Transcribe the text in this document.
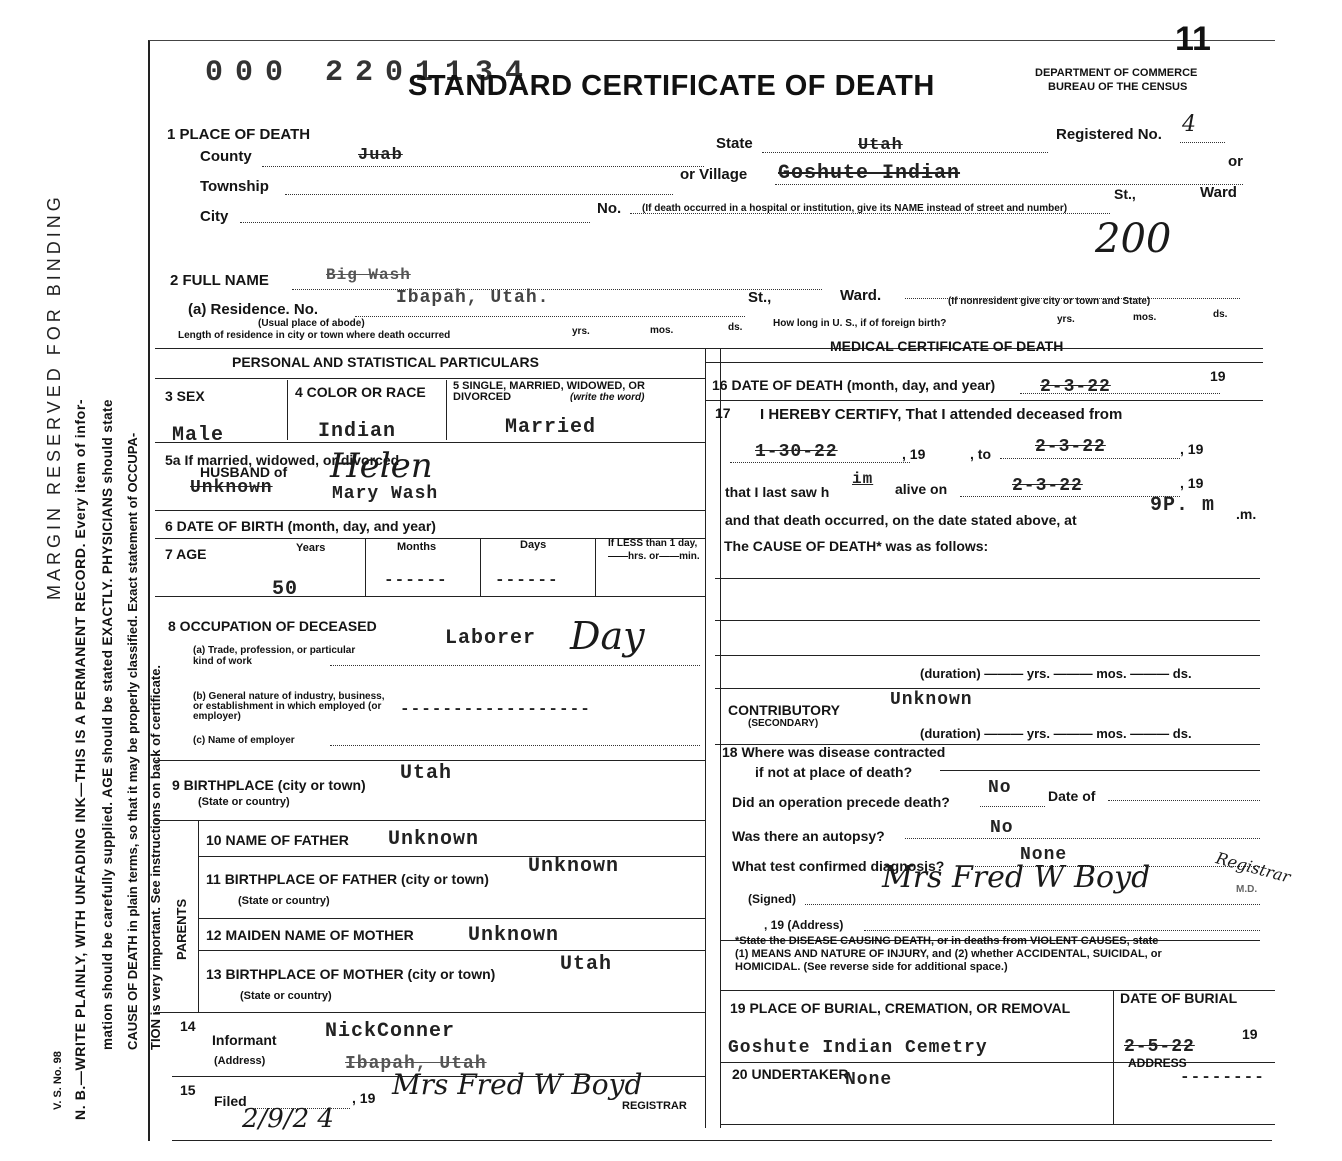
MARGIN RESERVED FOR BINDING
N. B.—WRITE PLAINLY, WITH UNFADING INK—THIS IS A PERMANENT RECORD. Every item of infor- mation should be carefully supplied. AGE should be stated EXACTLY. PHYSICIANS should state CAUSE OF DEATH in plain terms, so that it may be properly classified. Exact statement of OCCUPA- TION is very important. See instructions on back of certificate.
V. S. No. 98
000 2201134
STANDARD CERTIFICATE OF DEATH	DEPARTMENT OF COMMERCE
BUREAU OF THE CENSUS
11
1 PLACE OF DEATH
County	Juab
State	Utah
Registered No. 4
or
Township
or Village Goshute Indian
City	No.
St.,	Ward
(If death occurred in a hospital or institution, give its NAME instead of street and number)
200
2 FULL NAME	Big Wash
(a) Residence. No.
Ibapah, Utah.	St.,	Ward.	(If nonresident give city or town and State)
(Usual place of abode)
Length of residence in city or town where death occurred	yrs.	mos.	ds.	How long in U. S., if of foreign birth?	yrs.	mos.	ds.
PERSONAL AND STATISTICAL PARTICULARS
3 SEX	4 COLOR OR RACE 5 SINGLE, MARRIED, WIDOWED, OR DIVORCED	(write the word)
Male	Indian	Married
5a If married, widowed, or divorced
HUSBAND of
Unknown	Mary Wash
Helen
6 DATE OF BIRTH (month, day, and year)
7 AGE	Years	Months	Days	If LESS than 1 day,——hrs. or——min.
50	------	------
8 OCCUPATION OF DECEASED
(a) Trade, profession, or particular kind of work
Laborer Day
(b) General nature of industry, business, or establishment in which employed (or employer)	------------------
(c) Name of employer
9 BIRTHPLACE (city or town) Utah
(State or country)
PARENTS
10 NAME OF FATHER Unknown
11 BIRTHPLACE OF FATHER (city or town)
Unknown
(State or country)
12 MAIDEN NAME OF MOTHER	Unknown
13 BIRTHPLACE OF MOTHER (city or town)	Utah
(State or country)
14
Informant NickConner
(Address)	Ibapah, Utah
15
Filed	, 19
2/9/2 4
Mrs Fred W Boyd
REGISTRAR
MEDICAL CERTIFICATE OF DEATH
16 DATE OF DEATH (month, day, and year) 2-3-22
19
17 I HEREBY CERTIFY, That I attended deceased from
1-30-22	, 19	, to 2-3-22	, 19
that I last saw h
im
alive on	2-3-22	, 19
and that death occurred, on the date stated above, at
9P. m .m.
The CAUSE OF DEATH* was as follows:
(duration) ——— yrs. ——— mos. ——— ds.
CONTRIBUTORY
(SECONDARY)
Unknown
(duration) ——— yrs. ——— mos. ——— ds.
18 Where was disease contracted
if not at place of death?
Did an operation precede death?
No	Date of
Was there an autopsy?	No
What test confirmed diagnosis?
None
(Signed)
Mrs Fred W Boyd	Registrar
M.D.
, 19 (Address)
*State the DISEASE CAUSING DEATH, or in deaths from VIOLENT CAUSES, state
(1) MEANS AND NATURE OF INJURY, and (2) whether ACCIDENTAL, SUICIDAL, or
HOMICIDAL. (See reverse side for additional space.)
19 PLACE OF BURIAL, CREMATION, OR REMOVAL
DATE OF BURIAL
Goshute Indian Cemetry	2-5-22
19
20 UNDERTAKER
None
ADDRESS
--------
